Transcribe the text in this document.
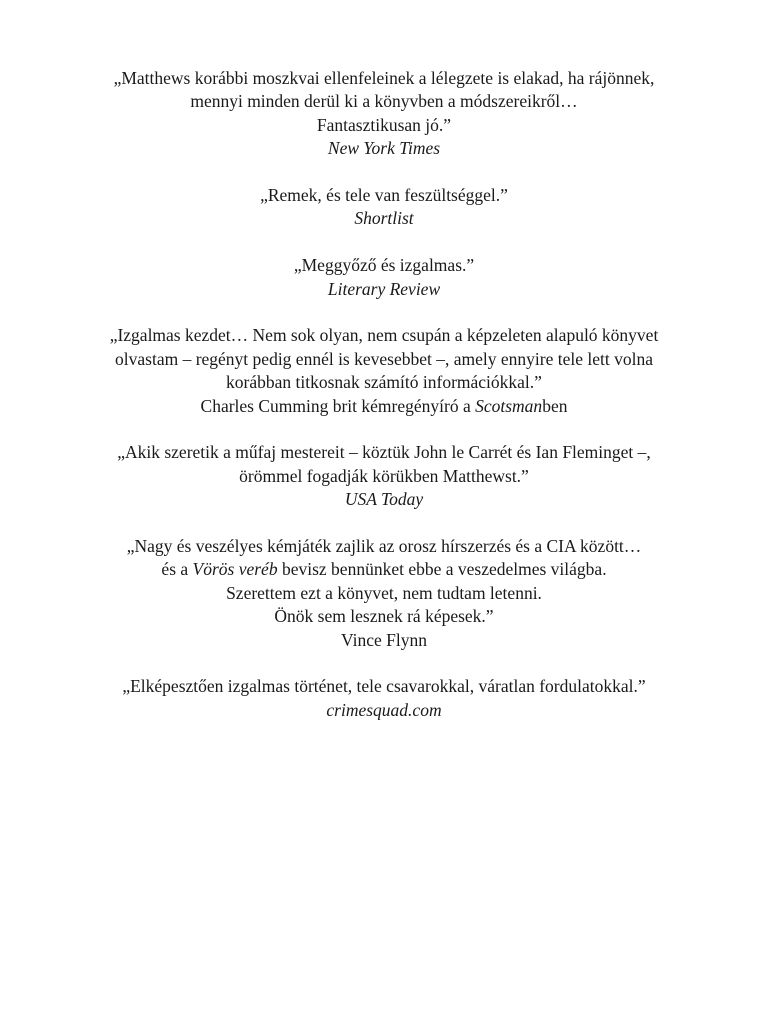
„Matthews korábbi moszkvai ellenfeleinek a lélegzete is elakad, ha rájönnek,
mennyi minden derül ki a könyvben a módszereikről…
Fantasztikusan jó.”
New York Times
„Remek, és tele van feszültséggel.”
Shortlist
„Meggyőző és izgalmas.”
Literary Review
„Izgalmas kezdet… Nem sok olyan, nem csupán a képzeleten alapuló könyvet
olvastam – regényt pedig ennél is kevesebbet –, amely ennyire tele lett volna
korábban titkosnak számító információkkal.”
Charles Cumming brit kémregényíró a Scotsmanben
„Akik szeretik a műfaj mestereit – köztük John le Carrét és Ian Fleminget –,
örömmel fogadják körükben Matthewst.”
USA Today
„Nagy és veszélyes kémjáték zajlik az orosz hírszerzés és a CIA között…
és a Vörös veréb bevisz bennünket ebbe a veszedelmes világba.
Szerettem ezt a könyvet, nem tudtam letenni.
Önök sem lesznek rá képesek.”
Vince Flynn
„Elképesztően izgalmas történet, tele csavarokkal, váratlan fordulatokkal.”
crimesquad.com
